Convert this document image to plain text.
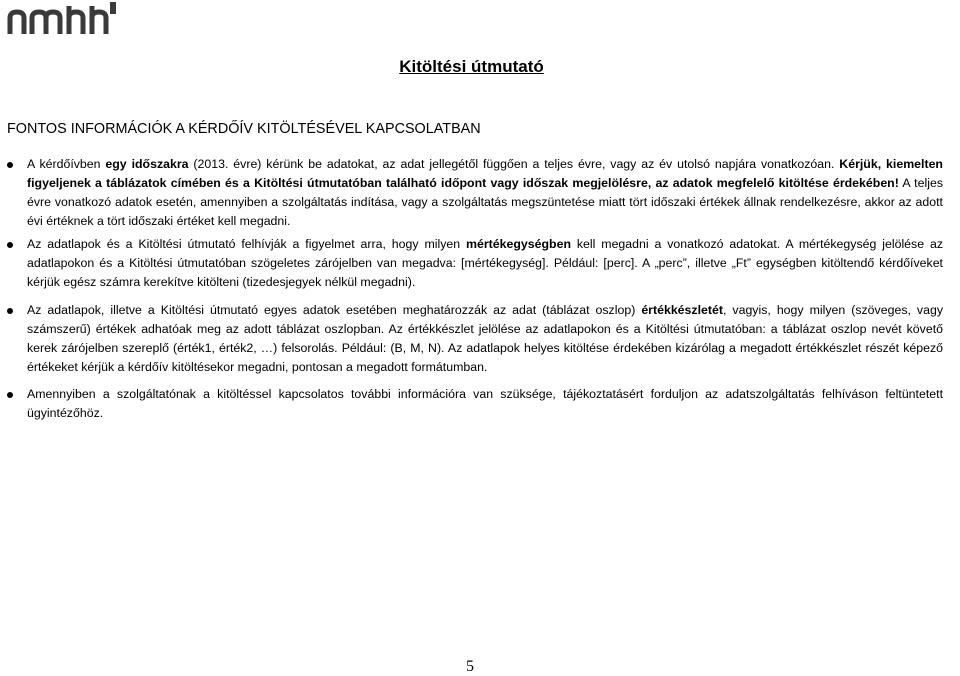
Kitöltési útmutató
FONTOS INFORMÁCIÓK A KÉRDŐÍV KITÖLTÉSÉVEL KAPCSOLATBAN

A kérdőívben egy időszakra (2013. évre) kérünk be adatokat, az adat jellegétől függően a teljes évre, vagy az év utolsó napjára vonatkozóan. Kérjük, kiemelten figyeljenek a táblázatok címében és a Kitöltési útmutatóban található időpont vagy időszak megjelölésre, az adatok megfelelő kitöltése érdekében! A teljes évre vonatkozó adatok esetén, amennyiben a szolgáltatás indítása, vagy a szolgáltatás megszüntetése miatt tört időszaki értékek állnak rendelkezésre, akkor az adott évi értéknek a tört időszaki értéket kell megadni.

Az adatlapok és a Kitöltési útmutató felhívják a figyelmet arra, hogy milyen mértékegységben kell megadni a vonatkozó adatokat. A mértékegység jelölése az adatlapokon és a Kitöltési útmutatóban szögeletes zárójelben van megadva: [mértékegység]. Például: [perc]. A „perc”, illetve „Ft” egységben kitöltendő kérdőíveket kérjük egész számra kerekítve kitölteni (tizedesjegyek nélkül megadni).

Az adatlapok, illetve a Kitöltési útmutató egyes adatok esetében meghatározzák az adat (táblázat oszlop) értékkészletét, vagyis, hogy milyen (szöveges, vagy számszerű) értékek adhatóak meg az adott táblázat oszlopban. Az értékkészlet jelölése az adatlapokon és a Kitöltési útmutatóban: a táblázat oszlop nevét követő kerek zárójelben szereplő (érték1, érték2, …) felsorolás. Például: (B, M, N). Az adatlapok helyes kitöltése érdekében kizárólag a megadott értékkészlet részét képező értékeket kérjük a kérdőív kitöltésekor megadni, pontosan a megadott formátumban.

Amennyiben a szolgáltatónak a kitöltéssel kapcsolatos további információra van szüksége, tájékoztatásért forduljon az adatszolgáltatás felhíváson feltüntetett ügyintézőhöz.

5
